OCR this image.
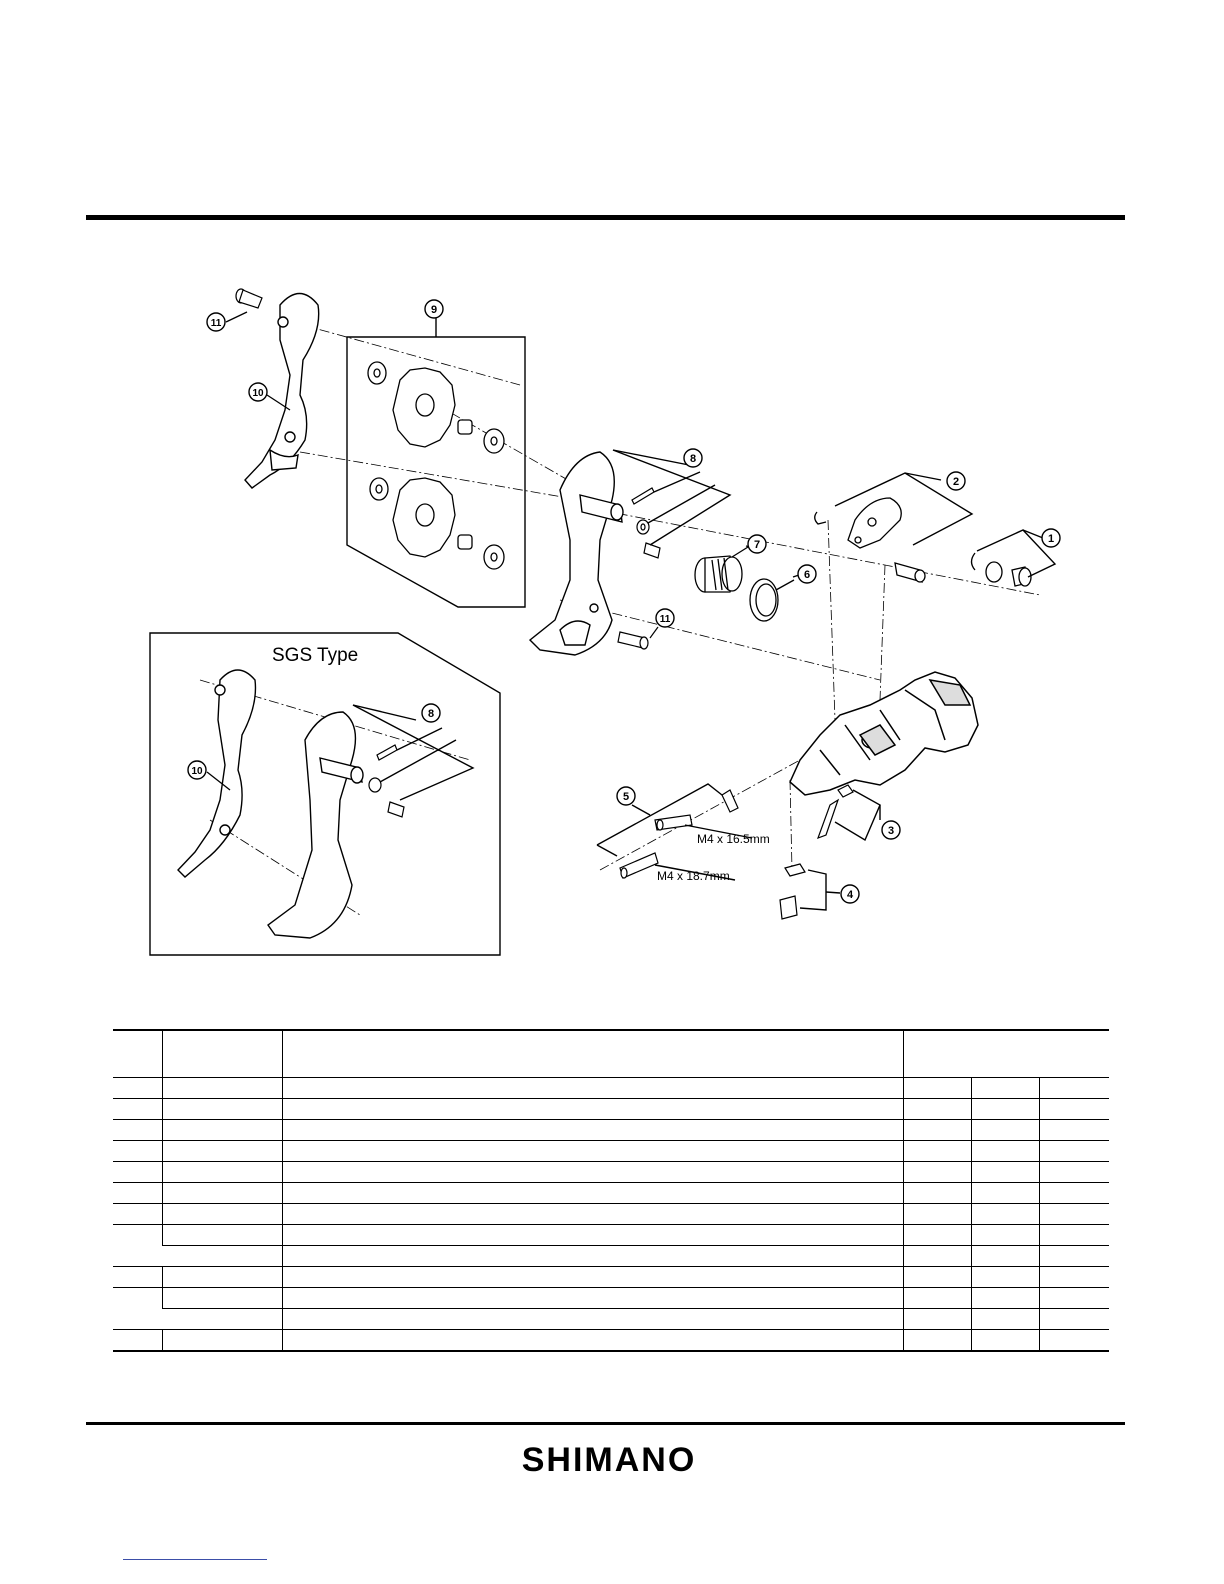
1
2
3
4
5
6
7
8
9
10
11
11
8
10
SGS Type
M4 x 16.5mm
M4 x 18.7mm

SHIMANO
